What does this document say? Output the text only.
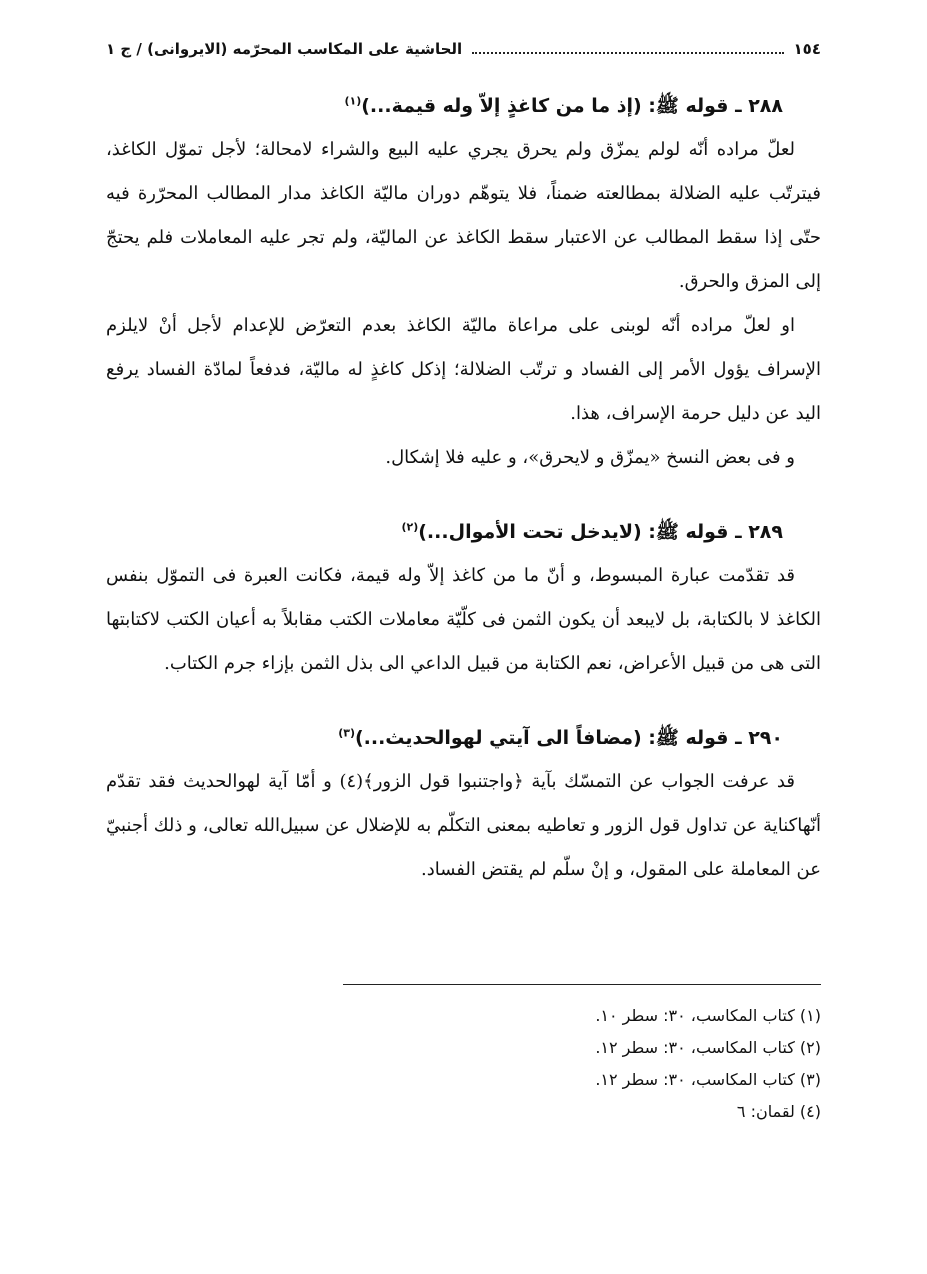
١٥٤
الحاشية على المكاسب المحرّمه (الايروانى) / ج ١

٢٨٨ ـ قوله ﷺ: (إذ ما من كاغذٍ إلاّ وله قيمة...)$^{(١)}$

لعلّ مراده أنّه لولم يمزّق ولم يحرق يجري عليه البيع والشراء لامحالة؛ لأجل تموّل الكاغذ، فيترتّب عليه الضلالة بمطالعته ضمناً، فلا يتوهّم دوران ماليّة الكاغذ مدار المطالب المحرّرة فيه حتّى إذا سقط المطالب عن الاعتبار سقط الكاغذ عن الماليّة، ولم تجر عليه المعاملات فلم يحتجّ إلى المزق والحرق.

او لعلّ مراده أنّه لوبنى على مراعاة ماليّة الكاغذ بعدم التعرّض للإعدام لأجل أنْ لايلزم الإسراف يؤول الأمر إلى الفساد و ترتّب الضلالة؛ إذكل كاغذٍ له ماليّة، فدفعاً لمادّة الفساد يرفع اليد عن دليل حرمة الإسراف، هذا.

و فى بعض النسخ «يمزّق و لايحرق»، و عليه فلا إشكال.

٢٨٩ ـ قوله ﷺ: (لايدخل تحت الأموال...)$^{(٢)}$

قد تقدّمت عبارة المبسوط، و أنّ ما من كاغذ إلاّ وله قيمة، فكانت العبرة فى التموّل بنفس الكاغذ لا بالكتابة، بل لايبعد أن يكون الثمن فى كلّيّة معاملات الكتب مقابلاً به أعيان الكتب لاكتابتها التى هى من قبيل الأعراض، نعم الكتابة من قبيل الداعي الى بذل الثمن بإزاء جرم الكتاب.

٢٩٠ ـ قوله ﷺ: (مضافاً الى آيتي لهوالحديث...)$^{(٣)}$

قد عرفت الجواب عن التمسّك بآية ﴿واجتنبوا قول الزور﴾(٤) و أمّا آية لهوالحديث فقد تقدّم أنّهاكناية عن تداول قول الزور و تعاطيه بمعنى التكلّم به للإضلال عن سبيل‌الله تعالى، و ذلك أجنبيّ عن المعاملة على المقول، و إنْ سلّم لم يقتض الفساد.

(١) كتاب المكاسب، ٣٠: سطر ١٠.

(٢) كتاب المكاسب، ٣٠: سطر ١٢.

(٣) كتاب المكاسب، ٣٠: سطر ١٢.

(٤) لقمان: ٦
